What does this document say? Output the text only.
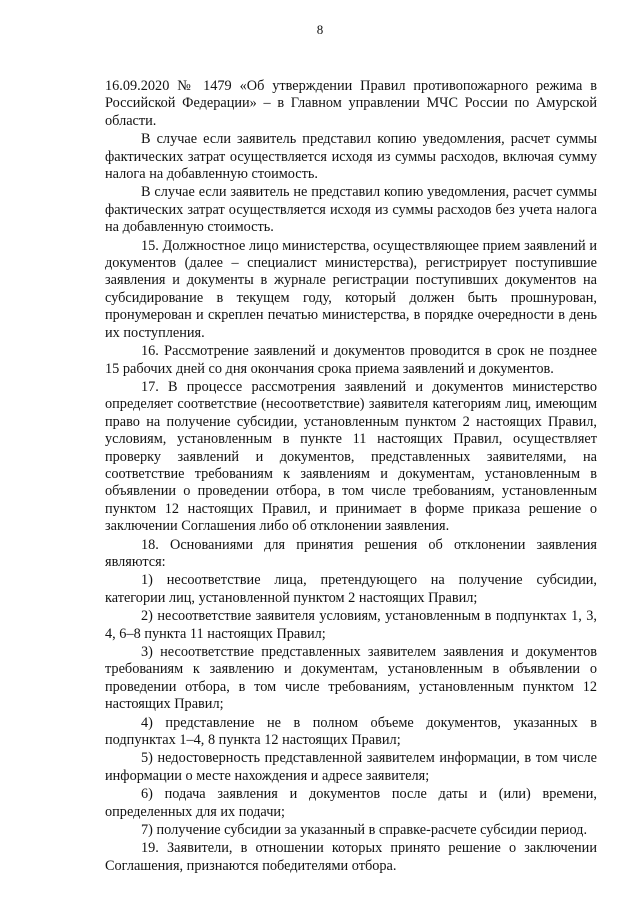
8

16.09.2020 № 1479 «Об утверждении Правил противопожарного режима в Российской Федерации» – в Главном управлении МЧС России по Амурской области.

В случае если заявитель представил копию уведомления, расчет суммы фактических затрат осуществляется исходя из суммы расходов, включая сумму налога на добавленную стоимость.

В случае если заявитель не представил копию уведомления, расчет суммы фактических затрат осуществляется исходя из суммы расходов без учета налога на добавленную стоимость.

15. Должностное лицо министерства, осуществляющее прием заявлений и документов (далее – специалист министерства), регистрирует поступившие заявления и документы в журнале регистрации поступивших документов на субсидирование в текущем году, который должен быть прошнурован, пронумерован и скреплен печатью министерства, в порядке очередности в день их поступления.

16. Рассмотрение заявлений и документов проводится в срок не позднее 15 рабочих дней со дня окончания срока приема заявлений и документов.

17. В процессе рассмотрения заявлений и документов министерство определяет соответствие (несоответствие) заявителя категориям лиц, имеющим право на получение субсидии, установленным пунктом 2 настоящих Правил, условиям, установленным в пункте 11 настоящих Правил, осуществляет проверку заявлений и документов, представленных заявителями, на соответствие требованиям к заявлениям и документам, установленным в объявлении о проведении отбора, в том числе требованиям, установленным пунктом 12 настоящих Правил, и принимает в форме приказа решение о заключении Соглашения либо об отклонении заявления.

18. Основаниями для принятия решения об отклонении заявления являются:

1) несоответствие лица, претендующего на получение субсидии, категории лиц, установленной пунктом 2 настоящих Правил;

2) несоответствие заявителя условиям, установленным в подпунктах 1, 3, 4, 6–8 пункта 11 настоящих Правил;

3) несоответствие представленных заявителем заявления и документов требованиям к заявлению и документам, установленным в объявлении о проведении отбора, в том числе требованиям, установленным пунктом 12 настоящих Правил;

4) представление не в полном объеме документов, указанных в подпунктах 1–4, 8 пункта 12 настоящих Правил;

5) недостоверность представленной заявителем информации, в том числе информации о месте нахождения и адресе заявителя;

6) подача заявления и документов после даты и (или) времени, определенных для их подачи;

7) получение субсидии за указанный в справке-расчете субсидии период.

19. Заявители, в отношении которых принято решение о заключении Соглашения, признаются победителями отбора.
